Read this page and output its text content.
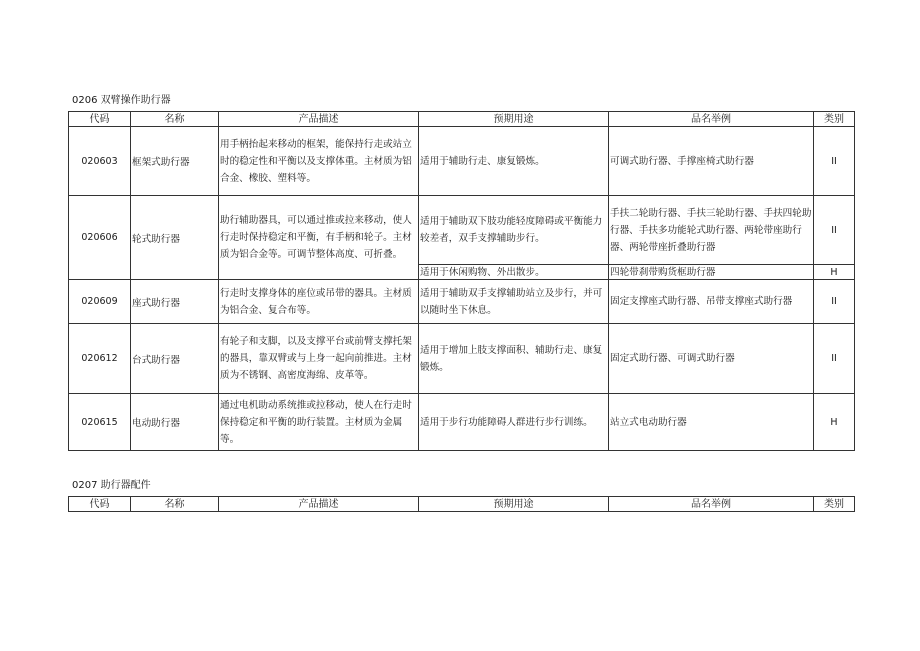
0206 双臂操作助行器
代码	名称	产品描述	预期用途	品名举例	类别
020603	框架式助行器	用手柄抬起来移动的框架，能保持行走或站立时的稳定性和平衡以及支撑体重。主材质为铝合金、橡胶、塑料等。	适用于辅助行走、康复锻炼。	可调式助行器、手撑座椅式助行器	II
020606	轮式助行器	助行辅助器具，可以通过推或拉来移动，使人行走时保持稳定和平衡，有手柄和轮子。主材质为铝合金等。可调节整体高度、可折叠。	适用于辅助双下肢功能轻度障碍或平衡能力较差者，双手支撑辅助步行。	手扶二轮助行器、手扶三轮助行器、手扶四轮助行器、手扶多功能轮式助行器、两轮带座助行器、两轮带座折叠助行器	II
			适用于休闲购物、外出散步。	四轮带刹带购货框助行器	H
020609	座式助行器	行走时支撑身体的座位或吊带的器具。主材质为铝合金、复合布等。	适用于辅助双手支撑辅助站立及步行，并可以随时坐下休息。	固定支撑座式助行器、吊带支撑座式助行器	II
020612	台式助行器	有轮子和支脚，以及支撑平台或前臂支撑托架的器具，靠双臂或与上身一起向前推进。主材质为不锈钢、高密度海绵、皮革等。	适用于增加上肢支撑面积、辅助行走、康复锻炼。	固定式助行器、可调式助行器	II
020615	电动助行器	通过电机助动系统推或拉移动，使人在行走时保持稳定和平衡的助行装置。主材质为金属等。	适用于步行功能障碍人群进行步行训练。	站立式电动助行器	H
0207 助行器配件
代码	名称	产品描述	预期用途	品名举例	类别
